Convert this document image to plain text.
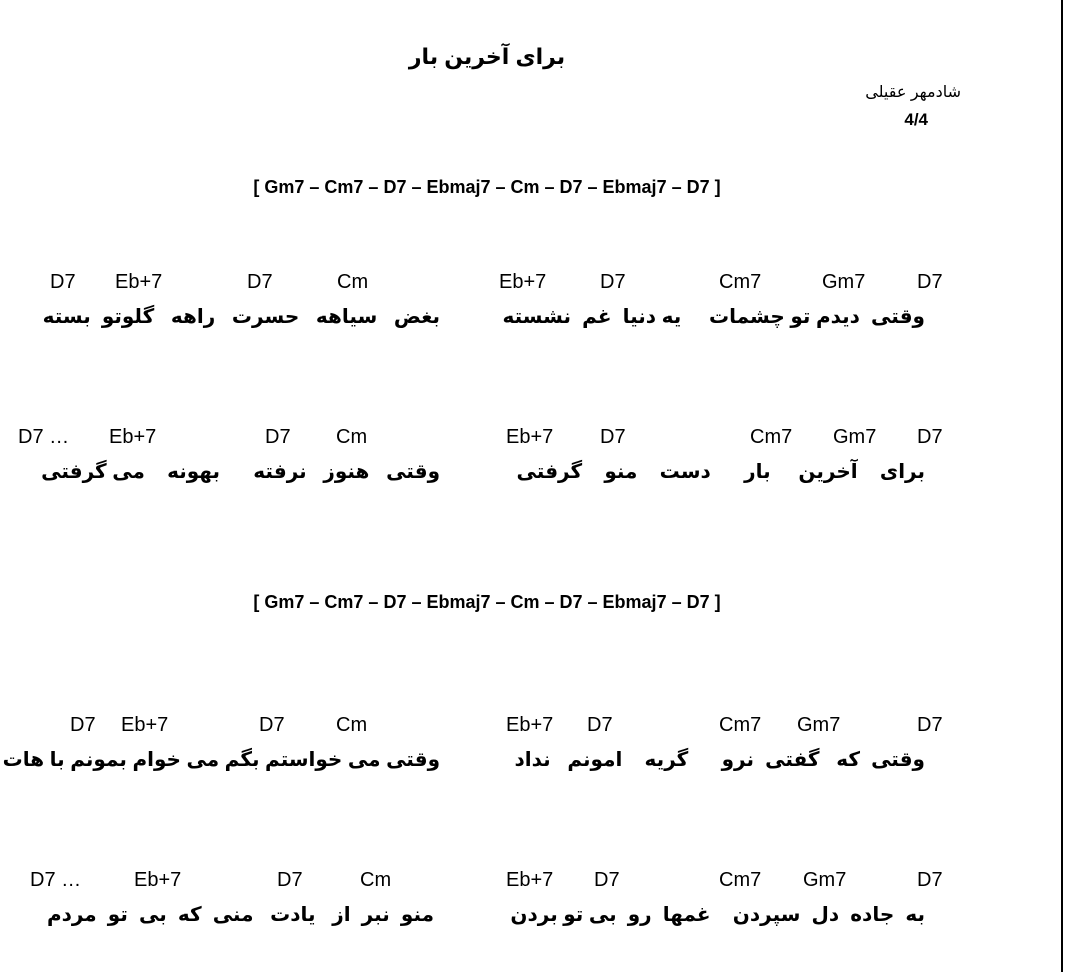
برای آخرین بار
شادمهر عقیلی
4/4
[ Gm7 – Cm7 – D7 – Ebmaj7 – Cm – D7 – Ebmaj7 – D7 ]
[ Gm7 – Cm7 – D7 – Ebmaj7 – Cm – D7 – Ebmaj7 – D7 ]
D7 Eb+7	D7	Cm	Eb+7	D7	Cm7	Gm7	D7
بغض   سیاهه   حسرت   راهه   گلوتو  بسته	وقتی  دیدم تو چشمات     یه دنیا  غم  نشسته
D7 … Eb+7	D7 Cm	Eb+7 D7	Cm7 Gm7 D7
وقتی   هنوز   نرفته      بهونه    می گرفتی	برای    آخرین     بار      دست    منو    گرفتی
D7 Eb+7	D7	Cm	Eb+7 D7	Cm7 Gm7	D7
وقتی می خواستم بگم می خوام بمونم با هات	وقتی  که   گفتی  نرو      گریه    امونم   نداد
D7 …	Eb+7	D7	Cm	Eb+7 D7	Cm7 Gm7	D7
منو  نبر  از   یادت   منی  که  بی  تو  مردم	به  جاده  دل  سپردن    غمها  رو  بی تو بردن
